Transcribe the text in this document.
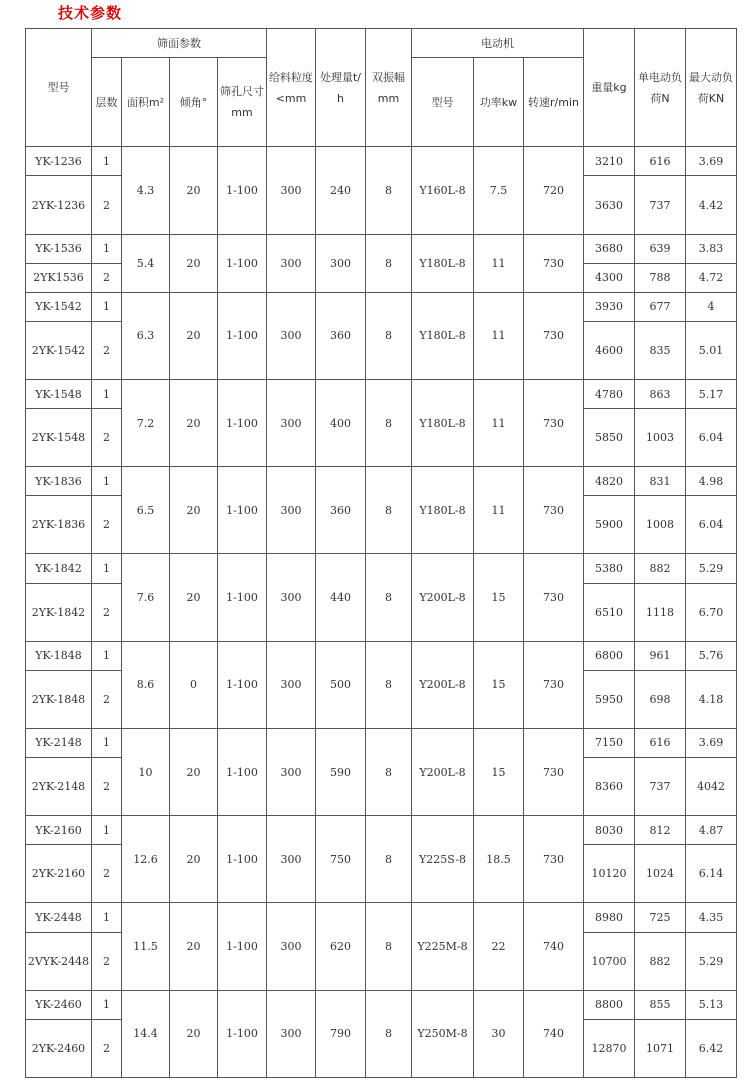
技术参数
型号	筛面参数				给料粒度<mm	处理量t/h	双振幅mm	电动机			重量kg	单电动负荷N	最大动负荷KN
	层数	面积m²	倾角°	筛孔尺寸mm				型号	功率kw	转速r/min			
YK-1236	1	4.3	20	1-100	300	240	8	Y160L-8	7.5	720	3210	616	3.69
2YK-1236	2										3630	737	4.42
YK-1536	1	5.4	20	1-100	300	300	8	Y180L-8	11	730	3680	639	3.83
2YK1536	2										4300	788	4.72
YK-1542	1	6.3	20	1-100	300	360	8	Y180L-8	11	730	3930	677	4
2YK-1542	2										4600	835	5.01
YK-1548	1	7.2	20	1-100	300	400	8	Y180L-8	11	730	4780	863	5.17
2YK-1548	2										5850	1003	6.04
YK-1836	1	6.5	20	1-100	300	360	8	Y180L-8	11	730	4820	831	4.98
2YK-1836	2										5900	1008	6.04
YK-1842	1	7.6	20	1-100	300	440	8	Y200L-8	15	730	5380	882	5.29
2YK-1842	2										6510	1118	6.70
YK-1848	1	8.6	0	1-100	300	500	8	Y200L-8	15	730	6800	961	5.76
2YK-1848	2										5950	698	4.18
YK-2148	1	10	20	1-100	300	590	8	Y200L-8	15	730	7150	616	3.69
2YK-2148	2										8360	737	4042
YK-2160	1	12.6	20	1-100	300	750	8	Y225S-8	18.5	730	8030	812	4.87
2YK-2160	2										10120	1024	6.14
YK-2448	1	11.5	20	1-100	300	620	8	Y225M-8	22	740	8980	725	4.35
2VYK-2448	2										10700	882	5.29
YK-2460	1	14.4	20	1-100	300	790	8	Y250M-8	30	740	8800	855	5.13
2YK-2460	2										12870	1071	6.42
